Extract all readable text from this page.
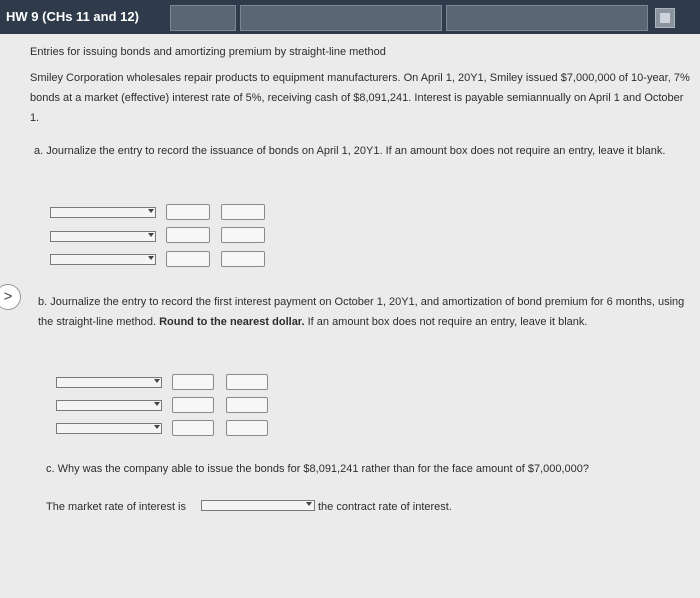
HW 9 (CHs 11 and 12)
>
Entries for issuing bonds and amortizing premium by straight-line method
Smiley Corporation wholesales repair products to equipment manufacturers. On April 1, 20Y1, Smiley issued $7,000,000 of 10-year, 7% bonds at a market (effective) interest rate of 5%, receiving cash of $8,091,241. Interest is payable semiannually on April 1 and October 1.
a. Journalize the entry to record the issuance of bonds on April 1, 20Y1. If an amount box does not require an entry, leave it blank.
b. Journalize the entry to record the first interest payment on October 1, 20Y1, and amortization of bond premium for 6 months, using the straight-line method. Round to the nearest dollar. If an amount box does not require an entry, leave it blank.
c. Why was the company able to issue the bonds for $8,091,241 rather than for the face amount of $7,000,000?
The market rate of interest is	the contract rate of interest.
